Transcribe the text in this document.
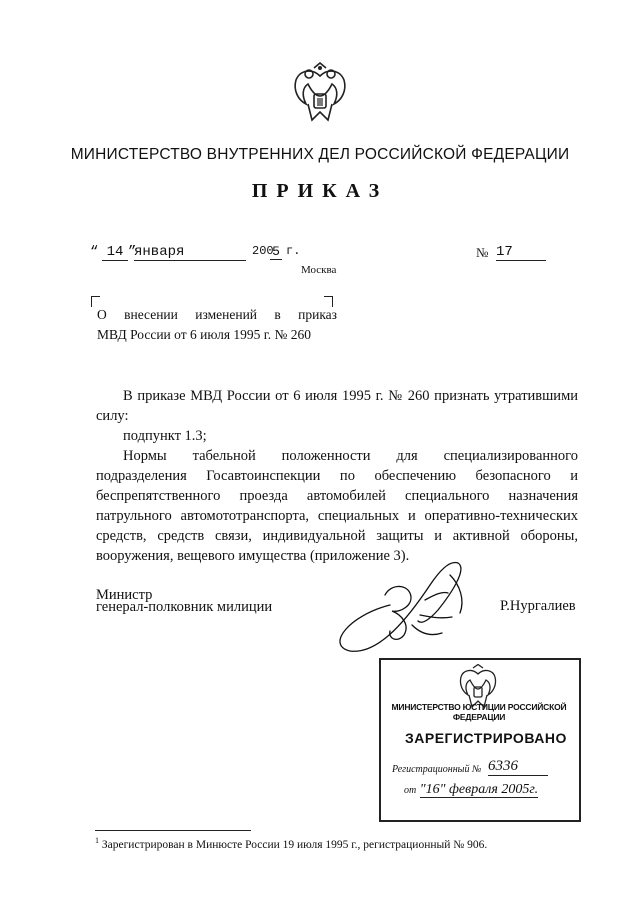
МИНИСТЕРСТВО ВНУТРЕННИХ ДЕЛ РОССИЙСКОЙ ФЕДЕРАЦИИ
ПРИКАЗ
“ 14 ”
января	200
5 г.	№ 17
Москва
О внесении изменений в приказ
МВД России от 6 июля 1995 г. № 260

В приказе МВД России от 6 июля 1995 г. № 260 признать утратившими силу:

подпункт 1.3;

Нормы табельной положенности для специализированного подразделения Госавтоинспекции по обеспечению безопасного и беспрепятственного проезда автомобилей специального назначения патрульного автомототранспорта, специальных и оперативно-технических средств, средств связи, индивидуальной защиты и активной обороны, вооружения, вещевого имущества (приложение 3).

Министр
генерал-полковник милиции	Р.Нургалиев
МИНИСТЕРСТВО ЮСТИЦИИ РОССИЙСКОЙ ФЕДЕРАЦИИ
ЗАРЕГИСТРИРОВАНО
Регистрационный № 6336
от "16" февраля 2005г.
$^1$ Зарегистрирован в Минюсте России 19 июля 1995 г., регистрационный № 906.
